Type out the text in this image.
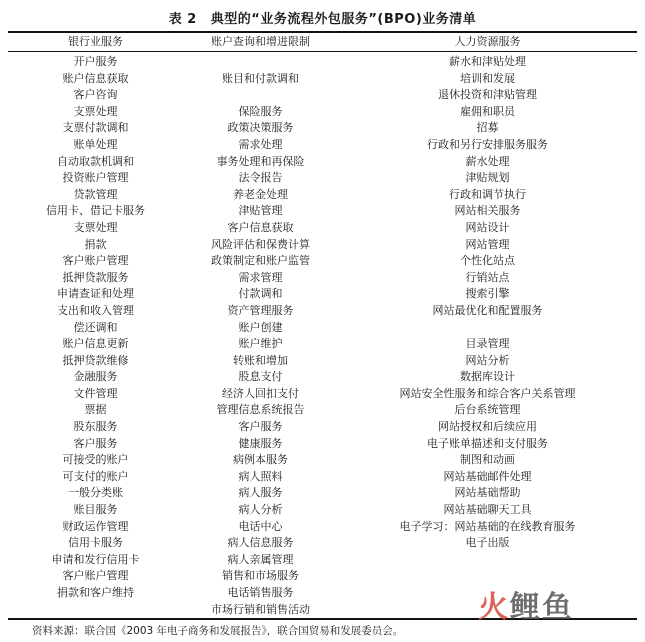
表 2 典型的“业务流程外包服务”(BPO)业务清单
银行业服务	账户查询和增进限制	人力资源服务
开户服务		薪水和津贴处理
账户信息获取	账目和付款调和	培训和发展
客户咨询		退休投资和津贴管理
支票处理	保险服务	雇佣和职员
支票付款调和	政策决策服务	招募
账单处理	需求处理	行政和另行安排服务服务
自动取款机调和	事务处理和再保险	薪水处理
投资账户管理	法令报告	津贴规划
贷款管理	养老金处理	行政和调节执行
信用卡、借记卡服务	津贴管理	网站相关服务
支票处理	客户信息获取	网站设计
捐款	风险评估和保费计算	网站管理
客户账户管理	政策制定和账户监管	个性化站点
抵押贷款服务	需求管理	行销站点
申请查证和处理	付款调和	搜索引擎
支出和收入管理	资产管理服务	网站最优化和配置服务
偿还调和	账户创建	
账户信息更新	账户维护	目录管理
抵押贷款维修	转账和增加	网站分析
金融服务	股息支付	数据库设计
文件管理	经济人回扣支付	网站安全性服务和综合客户关系管理
票据	管理信息系统报告	后台系统管理
股东服务	客户服务	网站授权和后续应用
客户服务	健康服务	电子账单描述和支付服务
可接受的账户	病例本服务	制图和动画
可支付的账户	病人照料	网站基础邮件处理
一般分类账	病人服务	网站基础帮助
账目服务	病人分析	网站基础聊天工具
财政运作管理	电话中心	电子学习：网站基础的在线教育服务
信用卡服务	病人信息服务	电子出版
申请和发行信用卡	病人亲属管理	
客户账户管理	销售和市场服务	
捐款和客户维持	电话销售服务	
	市场行销和销售活动	
资料来源：联合国《2003 年电子商务和发展报告》，联合国贸易和发展委员会。
火鲤鱼
